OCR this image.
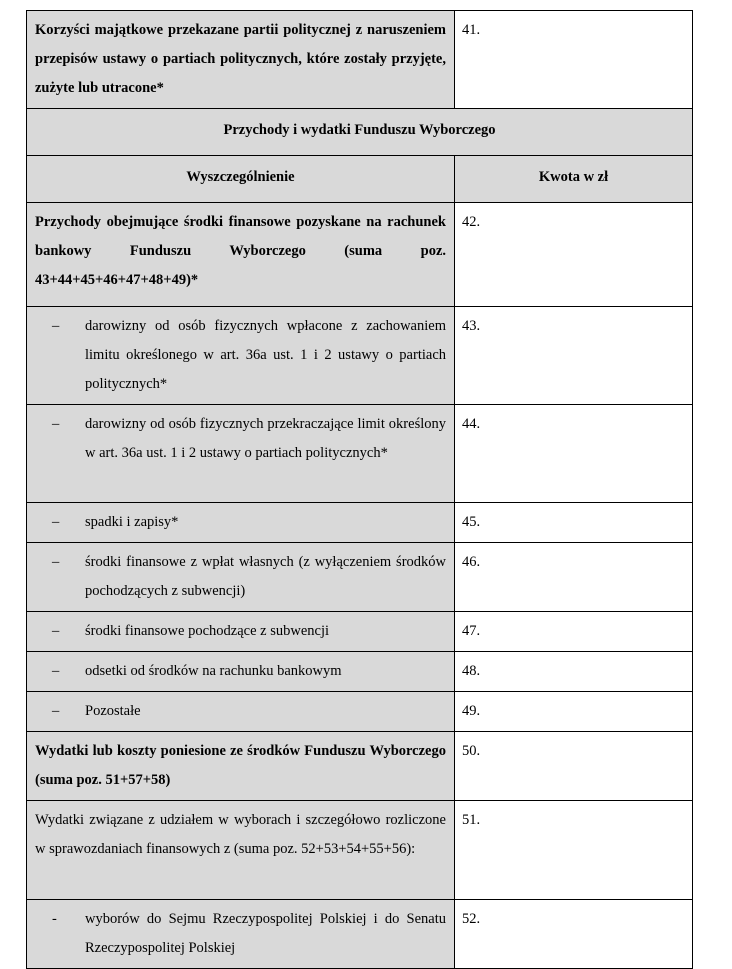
Korzyści majątkowe przekazane partii politycznej z naruszeniem przepisów ustawy o partiach politycznych, które zostały przyjęte, zużyte lub utracone*	41.
Przychody i wydatki Funduszu Wyborczego	
Wyszczególnienie	Kwota w zł
Przychody obejmujące środki finansowe pozyskane na rachunek bankowy Funduszu Wyborczego (suma poz. 43+44+45+46+47+48+49)*	42.

– darowizny od osób fizycznych wpłacone z zachowaniem limitu określonego w art. 36a ust. 1 i 2 ustawy o partiach politycznych*	43.

– darowizny od osób fizycznych przekraczające limit określony w art. 36a ust. 1 i 2 ustawy o partiach politycznych*	44.

– spadki i zapisy*	45.

– środki finansowe z wpłat własnych (z wyłączeniem środków pochodzących z subwencji)	46.

– środki finansowe pochodzące z subwencji	47.

– odsetki od środków na rachunku bankowym	48.

– Pozostałe	49.
Wydatki lub koszty poniesione ze środków Funduszu Wyborczego (suma poz. 51+57+58)	50.
Wydatki związane z udziałem w wyborach i szczegółowo rozliczone w sprawozdaniach finansowych z (suma poz. 52+53+54+55+56):	51.

- wyborów do Sejmu Rzeczypospolitej Polskiej i do Senatu Rzeczypospolitej Polskiej	52.
